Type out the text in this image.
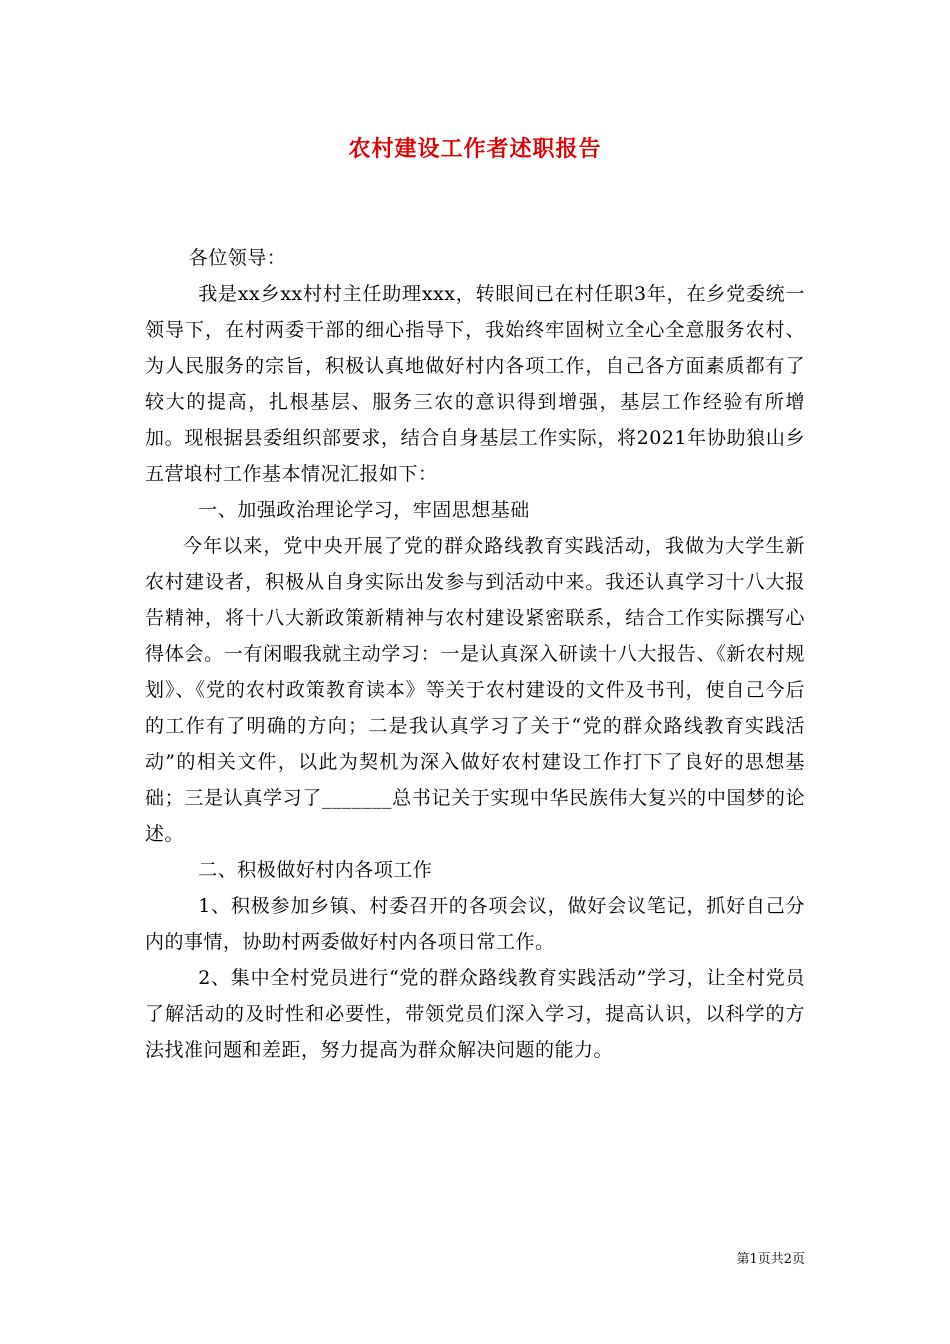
农村建设工作者述职报告

各位领导：

我是xx乡xx村村主任助理xxx，转眼间已在村任职3年，在乡党委统一领导下，在村两委干部的细心指导下，我始终牢固树立全心全意服务农村、为人民服务的宗旨，积极认真地做好村内各项工作，自己各方面素质都有了较大的提高，扎根基层、服务三农的意识得到增强，基层工作经验有所增加。现根据县委组织部要求，结合自身基层工作实际，将2021年协助狼山乡五营埌村工作基本情况汇报如下：

一、加强政治理论学习，牢固思想基础

今年以来，党中央开展了党的群众路线教育实践活动，我做为大学生新农村建设者，积极从自身实际出发参与到活动中来。我还认真学习十八大报告精神，将十八大新政策新精神与农村建设紧密联系，结合工作实际撰写心得体会。一有闲暇我就主动学习：一是认真深入研读十八大报告、《新农村规划》、《党的农村政策教育读本》等关于农村建设的文件及书刊，使自己今后的工作有了明确的方向；二是我认真学习了关于“党的群众路线教育实践活动”的相关文件，以此为契机为深入做好农村建设工作打下了良好的思想基础；三是认真学习了_______总书记关于实现中华民族伟大复兴的中国梦的论述。

二、积极做好村内各项工作

1、积极参加乡镇、村委召开的各项会议，做好会议笔记，抓好自己分内的事情，协助村两委做好村内各项日常工作。

2、集中全村党员进行“党的群众路线教育实践活动”学习，让全村党员了解活动的及时性和必要性，带领党员们深入学习，提高认识，以科学的方法找准问题和差距，努力提高为群众解决问题的能力。

第1页共2页
